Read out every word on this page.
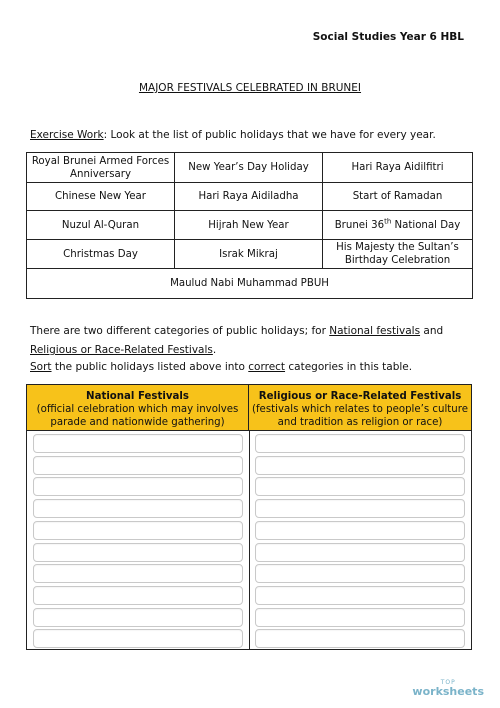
Social Studies Year 6 HBL
MAJOR FESTIVALS CELEBRATED IN BRUNEI
Exercise Work: Look at the list of public holidays that we have for every year.
Royal Brunei Armed Forces Anniversary	New Year’s Day Holiday	Hari Raya Aidilfitri
Chinese New Year	Hari Raya Aidiladha	Start of Ramadan
Nuzul Al-Quran	Hijrah New Year	Brunei 36th National Day
Christmas Day	Israk Mikraj	His Majesty the Sultan’s Birthday Celebration
Maulud Nabi Muhammad PBUH		
There are two different categories of public holidays; for National festivals and Religious or Race-Related Festivals.
Sort the public holidays listed above into correct categories in this table.
National Festivals
(official celebration which may involves parade and nationwide gathering)
Religious or Race-Related Festivals
(festivals which relates to people’s culture and tradition as religion or race)
TOP
worksheets
